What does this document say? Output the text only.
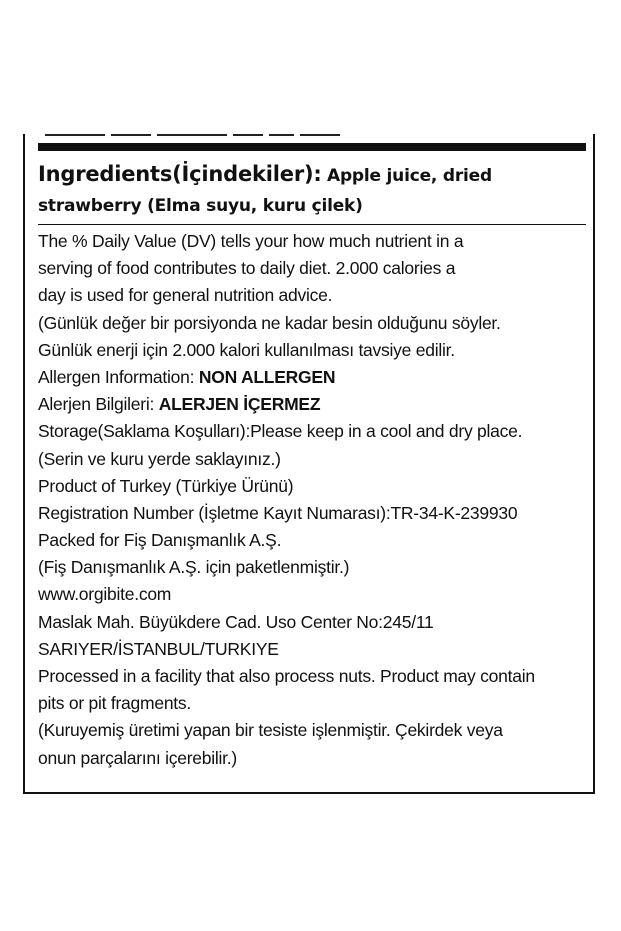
Ingredients(İçindekiler): Apple juice, dried
strawberry (Elma suyu, kuru çilek)
The % Daily Value (DV) tells your how much nutrient in a
serving of food contributes to daily diet. 2.000 calories a
day is used for general nutrition advice.
(Günlük değer bir porsiyonda ne kadar besin olduğunu söyler.
Günlük enerji için 2.000 kalori kullanılması tavsiye edilir.
Allergen Information: NON ALLERGEN
Alerjen Bilgileri: ALERJEN İÇERMEZ
Storage(Saklama Koşulları):Please keep in a cool and dry place.
(Serin ve kuru yerde saklayınız.)
Product of Turkey (Türkiye Ürünü)
Registration Number (İşletme Kayıt Numarası):TR-34-K-239930
Packed for Fiş Danışmanlık A.Ş.
(Fiş Danışmanlık A.Ş. için paketlenmiştir.)
www.orgibite.com
Maslak Mah. Büyükdere Cad. Uso Center No:245/11
SARIYER/İSTANBUL/TURKIYE
Processed in a facility that also process nuts. Product may contain
pits or pit fragments.
(Kuruyemiş üretimi yapan bir tesiste işlenmiştir. Çekirdek veya
onun parçalarını içerebilir.)
